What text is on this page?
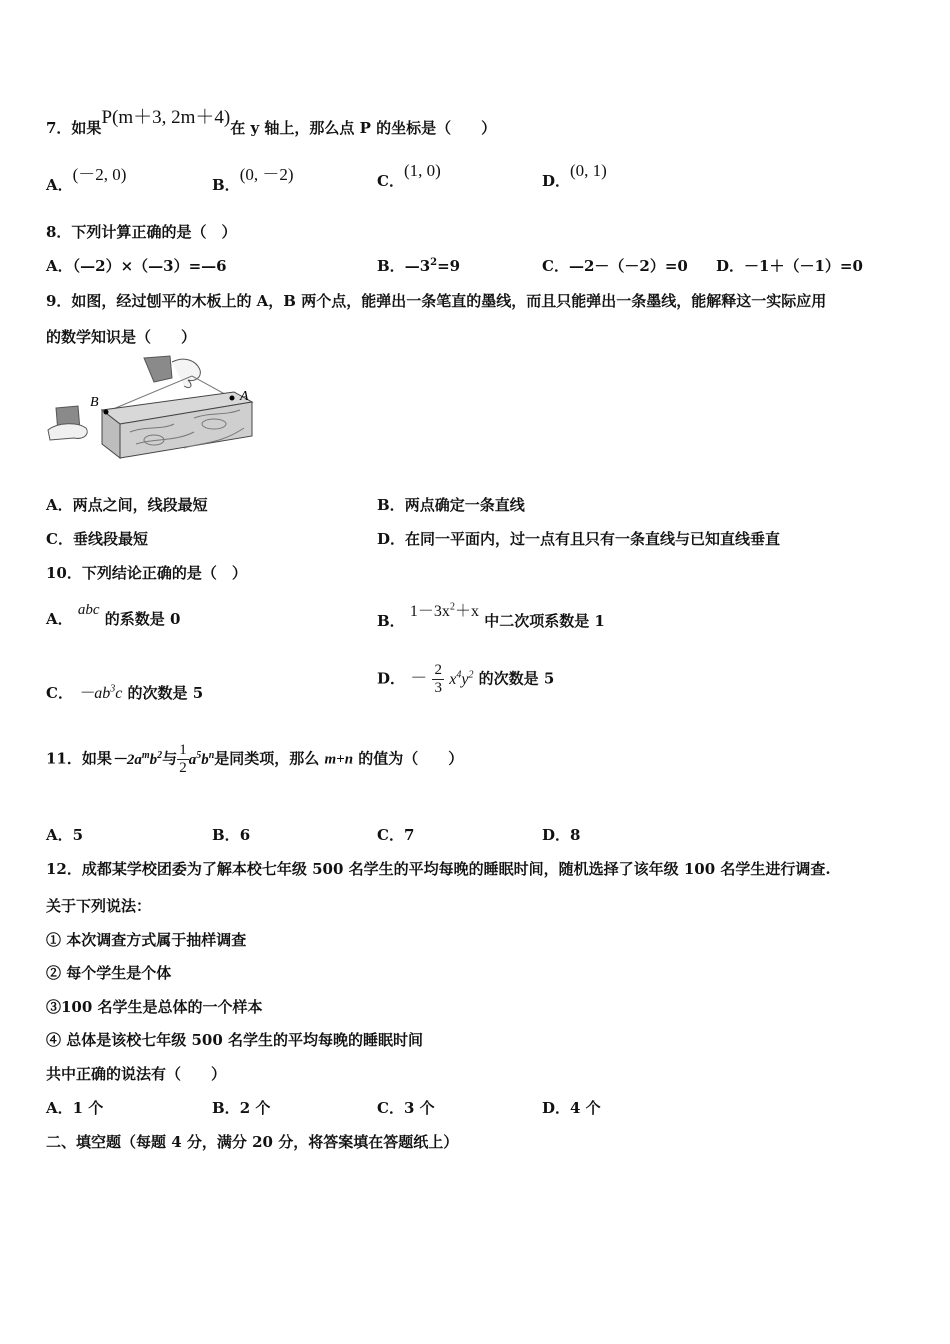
7．如果P(m＋3, 2m＋4)在 y 轴上，那么点 P 的坐标是（　　）
A．(－2, 0)
B．(0, －2)	C．(1, 0)
D．(0, 1)
8．下列计算正确的是（　）
A．（—2）×（—3）=—6	B．$—3^2=9$	C．—2－（－2）=0 D．－1＋（－1）=0
9．如图，经过刨平的木板上的 A，B 两个点，能弹出一条笔直的墨线，而且只能弹出一条墨线，能解释这一实际应用
的数学知识是（　　）
B	A
A．两点之间，线段最短	B．两点确定一条直线
C．垂线段最短	D．在同一平面内，过一点有且只有一条直线与已知直线垂直
10．下列结论正确的是（　）
A． abc 的系数是 0	B． $1-3x^2+x$ 中二次项系数是 1
C． $-ab^3c$ 的次数是 5
D． － $\frac{2}{3} x^4y^2$ 的次数是 5
11．如果$-2a^mb^2$与 $\frac{1}{2} a^5b^n$是同类项，那么 m+n 的值为（　　）
A．5	B．6	C．7	D．8
12．成都某学校团委为了解本校七年级 500 名学生的平均每晚的睡眠时间，随机选择了该年级 100 名学生进行调查.
关于下列说法：
① 本次调查方式属于抽样调查
② 每个学生是个体
③100 名学生是总体的一个样本
④ 总体是该校七年级 500 名学生的平均每晚的睡眠时间
共中正确的说法有（　　）
A．1 个	B．2 个	C．3 个	D．4 个
二、填空题（每题 4 分，满分 20 分，将答案填在答题纸上）
